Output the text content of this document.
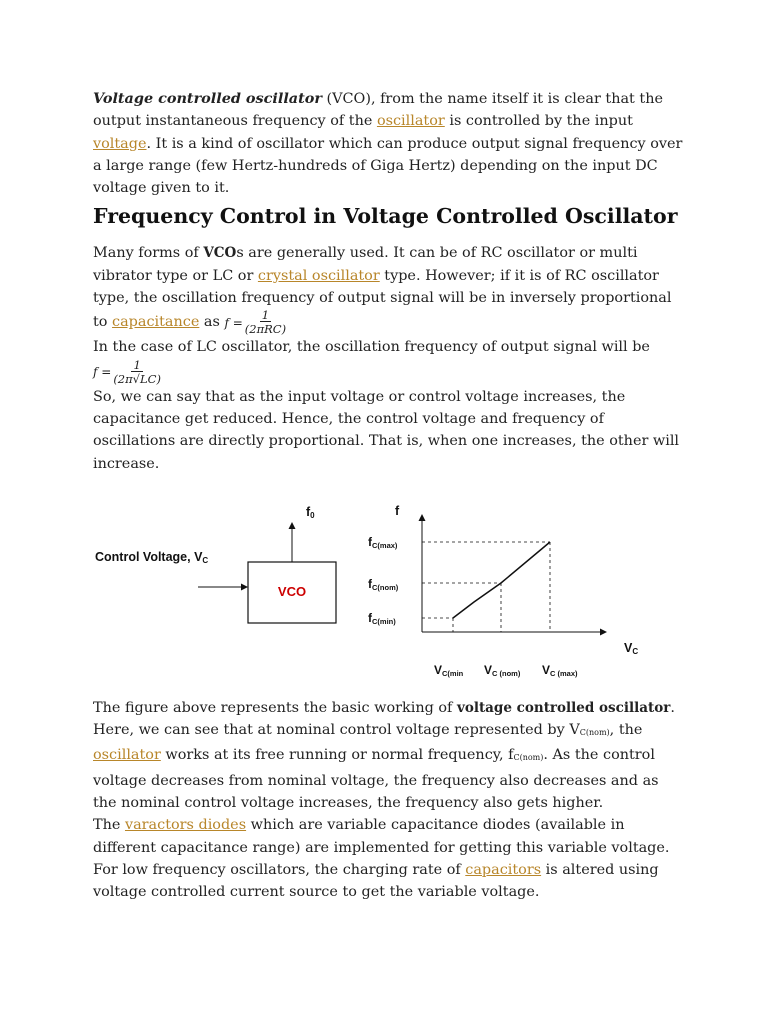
Voltage controlled oscillator (VCO), from the name itself it is clear that the output instantaneous frequency of the oscillator is controlled by the input voltage. It is a kind of oscillator which can produce output signal frequency over a large range (few Hertz-hundreds of Giga Hertz) depending on the input DC voltage given to it.

Frequency Control in Voltage Controlled Oscillator

Many forms of VCOs are generally used. It can be of RC oscillator or multi vibrator type or LC or crystal oscillator type. However; if it is of RC oscillator type, the oscillation frequency of output signal will be in inversely proportional to capacitance as $f = \frac{1}{\text{(2πRC)}}$

In the case of LC oscillator, the oscillation frequency of output signal will be $f = \frac{1}{(2\pi√LC)}$

So, we can say that as the input voltage or control voltage increases, the capacitance get reduced. Hence, the control voltage and frequency of oscillations are directly proportional. That is, when one increases, the other will increase.

The figure above represents the basic working of voltage controlled oscillator. Here, we can see that at nominal control voltage represented by $V_{C(nom)}$, the oscillator works at its free running or normal frequency, $f_{C(nom)}$. As the control voltage decreases from nominal voltage, the frequency also decreases and as the nominal control voltage increases, the frequency also gets higher.

The varactors diodes which are variable capacitance diodes (available in different capacitance range) are implemented for getting this variable voltage. For low frequency oscillators, the charging rate of capacitors is altered using voltage controlled current source to get the variable voltage.

Control Voltage, VC
VCO
f0	f
VC
fC(max)
fC(nom)
fC(min)
VC(min VC (nom) VC (max)
